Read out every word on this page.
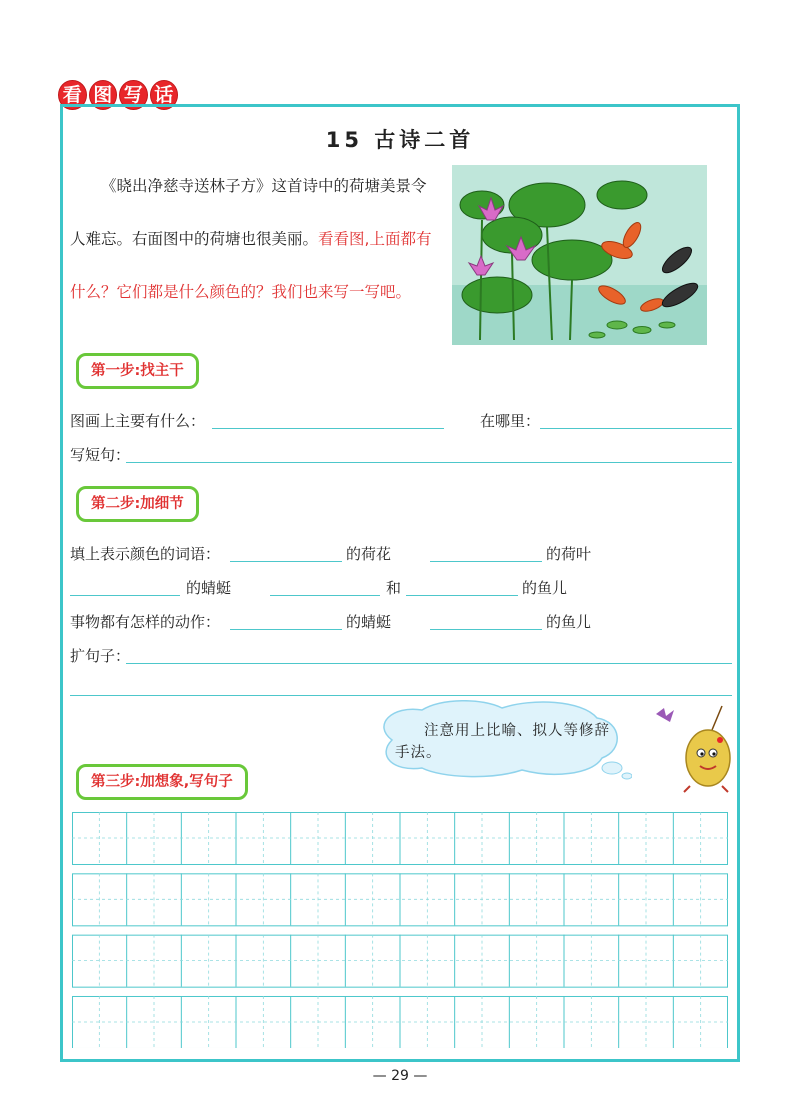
看 图 写 话
15 古诗二首
  《晓出净慈寺送林子方》这首诗中的荷塘美景令人难忘。右面图中的荷塘也很美丽。看看图,上面都有什么？它们都是什么颜色的？我们也来写一写吧。
第一步:找主干
图画上主要有什么：	在哪里：
写短句：
第二步:加细节
填上表示颜色的词语：	的荷花	的荷叶
的蜻蜓	和	的鱼儿
事物都有怎样的动作：	的蜻蜓	的鱼儿
扩句子：
注意用上比喻、拟人等修辞手法。
第三步:加想象,写句子
— 29 —
